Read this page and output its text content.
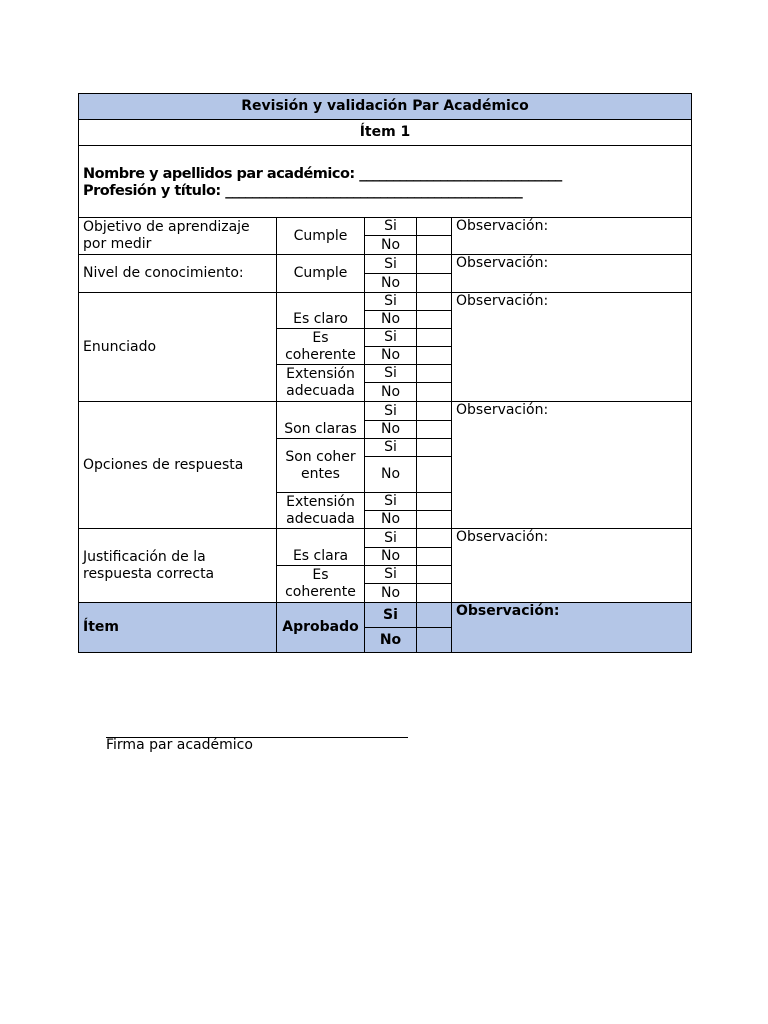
Revisión y validación Par Académico				
Ítem 1				

Nombre y apellidos par académico: ______________________________
Profesión y título: ____________________________________________				

Objetivo de aprendizaje por medir	Cumple	Si		Observación:
		No		
Nivel de conocimiento:	Cumple	Si		Observación:
		No		
Enunciado	Es claro	Si		Observación:
		No		
	Es coherente	Si		
		No		
	Extensión adecuada	Si		
		No		
Opciones de respuesta	Son claras	Si		Observación:
		No		

	Son coherentes	Si		
		No		
	Extensión adecuada	Si		
		No		
Justificación de la respuesta correcta	Es clara	Si		Observación:
		No		
	Es coherente	Si		
		No		
Ítem	Aprobado	Si		Observación:
		No		
Firma par académico
